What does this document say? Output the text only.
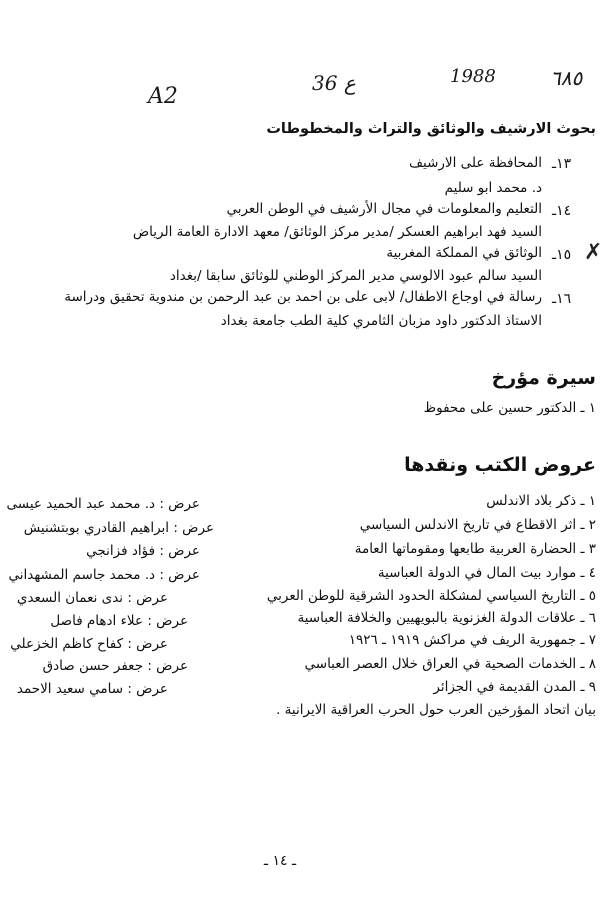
A2
36 ع	1988	٦٨٥
بحوث الارشيف والوثائق والتراث والمخطوطات
١٣ـ
المحافظة على الارشيف
د. محمد ابو سليم
١٤ـ
التعليم والمعلومات في مجال الأرشيف في الوطن العربي
السيد فهد ابراهيم العسكر /مدير مركز الوثائق/ معهد الادارة العامة الرياض
١٥ـ ✗
الوثائق في المملكة المغربية
السيد سالم عبود الالوسي مدير المركز الوطني للوثائق سابقا /بغداد
١٦ـ
رسالة في اوجاع الاطفال/ لابى على بن احمد بن عبد الرحمن بن مندوية تحقيق ودراسة
الاستاذ الدكتور داود مزبان الثامري كلية الطب جامعة بغداد
سيرة مؤرخ
١ ـ الدكتور حسين على محفوظ
عروض الكتب ونقدها
١ ـ ذكر بلاد الاندلس
عرض : د. محمد عبد الحميد عيسى
٢ ـ اثر الاقطاع في تاريخ الاندلس السياسي
عرض : ابراهيم القادري بوبتشنيش
٣ ـ الحضارة العربية طابعها ومقوماتها العامة
عرض : فؤاد فزانجي
٤ ـ موارد بيت المال في الدولة العباسية
عرض : د. محمد جاسم المشهداني
٥ ـ التاريخ السياسي لمشكلة الحدود الشرقية للوطن العربي
عرض : ندى نعمان السعدي
٦ ـ علاقات الدولة الغزنوية بالبويهيين والخلافة العباسية
عرض : علاء ادهام فاصل
٧ ـ جمهورية الريف في مراكش ١٩١٩ ـ ١٩٢٦
عرض : كفاح كاظم الخزعلي
٨ ـ الخدمات الصحية في العراق خلال العصر العباسي
عرض : جعفر حسن صادق
٩ ـ المدن القديمة في الجزائر
عرض : سامي سعيد الاحمد
بيان اتحاد المؤرخين العرب حول الحرب العراقية الايرانية .
ـ ١٤ ـ
